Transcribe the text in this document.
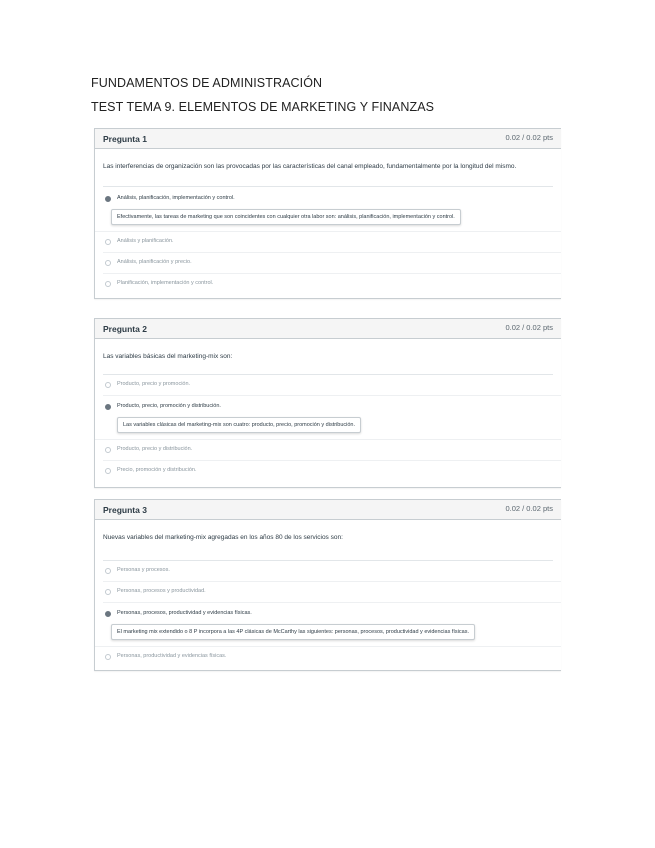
FUNDAMENTOS DE ADMINISTRACIÓN
TEST TEMA 9. ELEMENTOS DE MARKETING Y FINANZAS
Pregunta 1	0.02 / 0.02 pts
Las interferencias de organización son las provocadas por las características del canal empleado, fundamentalmente por la longitud del mismo.
Análisis, planificación, implementación y control.
Efectivamente, las tareas de marketing que son coincidentes con cualquier otra labor son: análisis, planificación, implementación y control.
Análisis y planificación.
Análisis, planificación y precio.
Planificación, implementación y control.
Pregunta 2	0.02 / 0.02 pts
Las variables básicas del marketing-mix son:
Producto, precio y promoción.
Producto, precio, promoción y distribución.
Las variables clásicas del marketing-mix son cuatro: producto, precio, promoción y distribución.
Producto, precio y distribución.
Precio, promoción y distribución.
Pregunta 3	0.02 / 0.02 pts
Nuevas variables del marketing-mix agregadas en los años 80 de los servicios son:
Personas y procesos.
Personas, procesos y productividad.
Personas, procesos, productividad y evidencias físicas.
El marketing mix extendido o 8 P incorpora a las 4P clásicas de McCarthy las siguientes: personas, procesos, productividad y evidencias físicas.
Personas, productividad y evidencias físicas.
